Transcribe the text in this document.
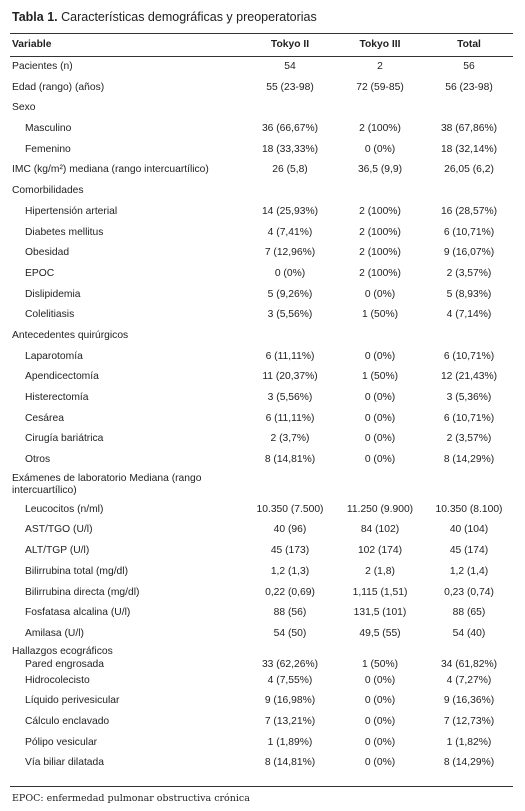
Tabla 1. Características demográficas y preoperatorias
Variable	Tokyo II	Tokyo III	Total
Pacientes (n)	54	2	56
Edad (rango) (años)	55 (23-98)	72 (59-85)	56 (23-98)
Sexo
Masculino	36 (66,67%)	2 (100%)	38 (67,86%)
Femenino	18 (33,33%)	0 (0%)	18 (32,14%)
IMC (kg/m²) mediana (rango intercuartílico)	26 (5,8)	36,5 (9,9)	26,05 (6,2)
Comorbilidades
Hipertensión arterial	14 (25,93%)	2 (100%)	16 (28,57%)
Diabetes mellitus	4 (7,41%)	2 (100%)	6 (10,71%)
Obesidad	7 (12,96%)	2 (100%)	9 (16,07%)
EPOC	0 (0%)	2 (100%)	2 (3,57%)
Dislipidemia	5 (9,26%)	0 (0%)	5 (8,93%)
Colelitiasis	3 (5,56%)	1 (50%)	4 (7,14%)
Antecedentes quirúrgicos
Laparotomía	6 (11,11%)	0 (0%)	6 (10,71%)
Apendicectomía	11 (20,37%)	1 (50%)	12 (21,43%)
Histerectomía	3 (5,56%)	0 (0%)	3 (5,36%)
Cesárea	6 (11,11%)	0 (0%)	6 (10,71%)
Cirugía bariátrica	2 (3,7%)	0 (0%)	2 (3,57%)
Otros	8 (14,81%)	0 (0%)	8 (14,29%)
Exámenes de laboratorio Mediana (rango intercuartílico)
Leucocitos (n/ml)	10.350 (7.500)	11.250 (9.900)	10.350 (8.100)
AST/TGO (U/l)	40 (96)	84 (102)	40 (104)
ALT/TGP (U/l)	45 (173)	102 (174)	45 (174)
Bilirrubina total (mg/dl)	1,2 (1,3)	2 (1,8)	1,2 (1,4)
Bilirrubina directa (mg/dl)	0,22 (0,69)	1,115 (1,51)	0,23 (0,74)
Fosfatasa alcalina (U/l)	88 (56)	131,5 (101)	88 (65)
Amilasa (U/l)	54 (50)	49,5 (55)	54 (40)
Hallazgos ecográficos
Pared engrosada	33 (62,26%)	1 (50%)	34 (61,82%)
Hidrocolecisto	4 (7,55%)	0 (0%)	4 (7,27%)
Líquido perivesicular	9 (16,98%)	0 (0%)	9 (16,36%)
Cálculo enclavado	7 (13,21%)	0 (0%)	7 (12,73%)
Pólipo vesicular	1 (1,89%)	0 (0%)	1 (1,82%)
Vía biliar dilatada	8 (14,81%)	0 (0%)	8 (14,29%)
EPOC: enfermedad pulmonar obstructiva crónica
